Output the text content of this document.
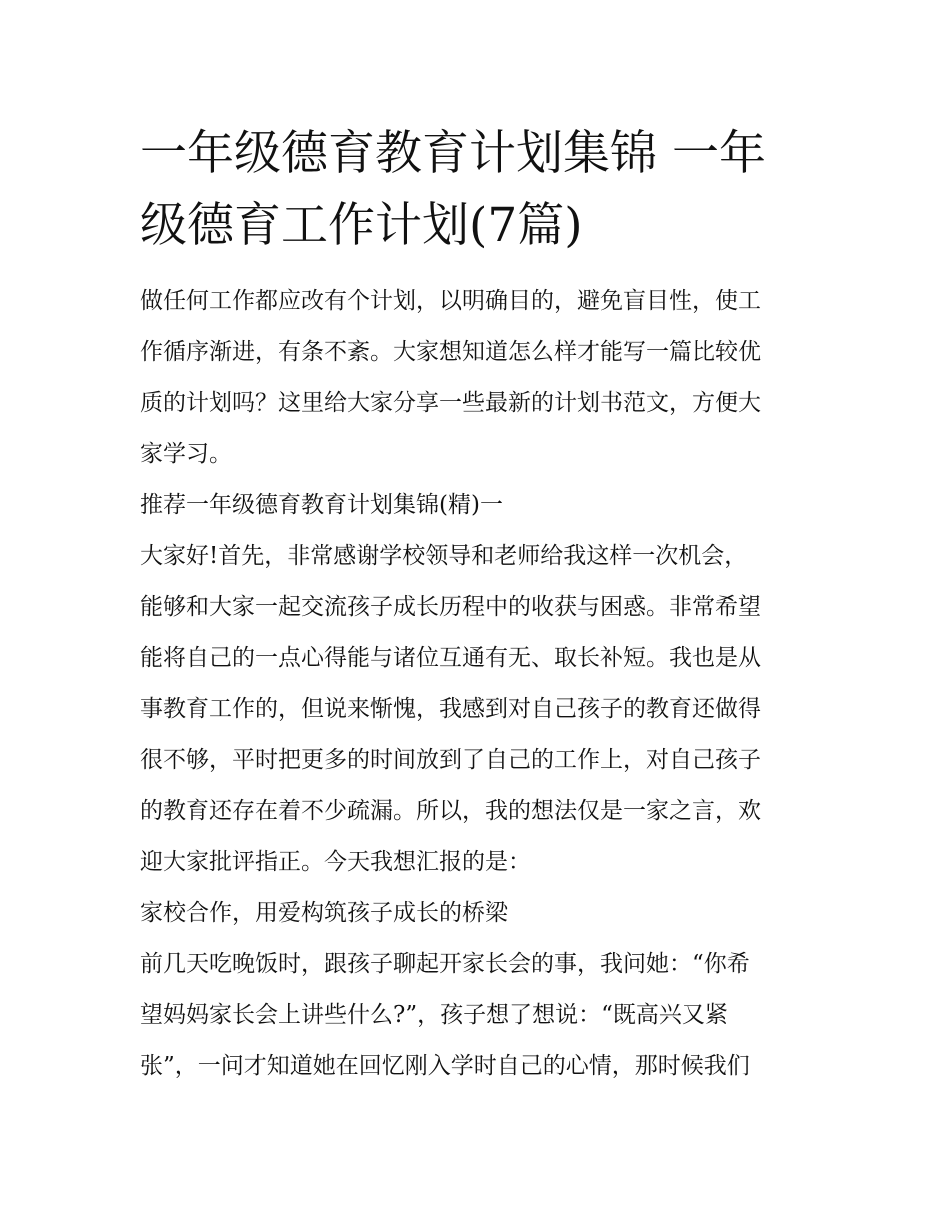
一年级德育教育计划集锦 一年
级德育工作计划(7篇)
做任何工作都应改有个计划，以明确目的，避免盲目性，使工
作循序渐进，有条不紊。大家想知道怎么样才能写一篇比较优
质的计划吗？这里给大家分享一些最新的计划书范文，方便大
家学习。
推荐一年级德育教育计划集锦(精)一
大家好!首先，非常感谢学校领导和老师给我这样一次机会，
能够和大家一起交流孩子成长历程中的收获与困惑。非常希望
能将自己的一点心得能与诸位互通有无、取长补短。我也是从
事教育工作的，但说来惭愧，我感到对自己孩子的教育还做得
很不够，平时把更多的时间放到了自己的工作上，对自己孩子
的教育还存在着不少疏漏。所以，我的想法仅是一家之言，欢
迎大家批评指正。今天我想汇报的是：
家校合作，用爱构筑孩子成长的桥梁
前几天吃晚饭时，跟孩子聊起开家长会的事，我问她：“你希
望妈妈家长会上讲些什么?”，孩子想了想说：“既高兴又紧
张”，一问才知道她在回忆刚入学时自己的心情，那时候我们
